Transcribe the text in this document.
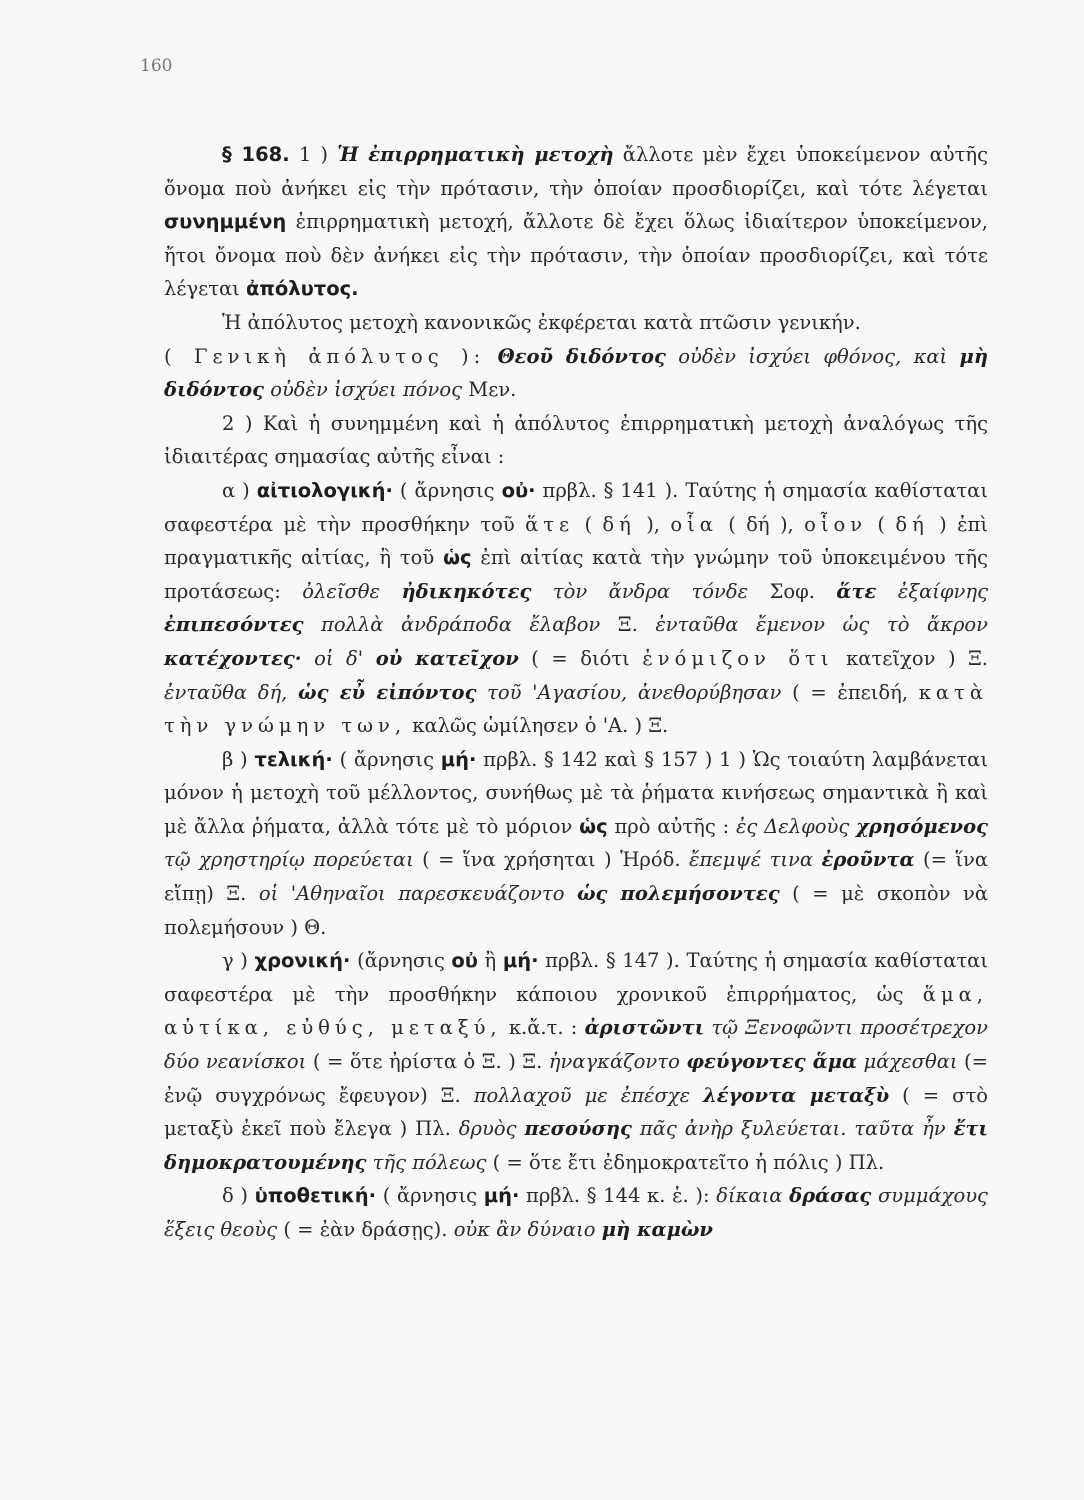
160

§ 168. 1 ) Ἡ ἐπιρρηματικὴ μετοχὴ ἄλλοτε μὲν ἔχει ὑποκείμενον αὐτῆς ὄνομα ποὺ ἀνήκει εἰς τὴν πρότασιν, τὴν ὁποίαν προσδιορίζει, καὶ τότε λέγεται συνημμένη ἐπιρρηματικὴ μετοχή, ἄλλοτε δὲ ἔχει ὅλως ἰδιαίτερον ὑποκείμενον, ἤτοι ὄνομα ποὺ δὲν ἀνήκει εἰς τὴν πρότασιν, τὴν ὁποίαν προσδιορίζει, καὶ τότε λέγεται ἀπόλυτος.

Ἡ ἀπόλυτος μετοχὴ κανονικῶς ἐκφέρεται κατὰ πτῶσιν γενικήν.

( Γενικὴ ἀπόλυτος ): Θεοῦ διδόντος οὐδὲν ἰσχύει φθόνος, καὶ μὴ διδόντος οὐδὲν ἰσχύει πόνος Μεν.

2 ) Καὶ ἡ συνημμένη καὶ ἡ ἀπόλυτος ἐπιρρηματικὴ μετοχὴ ἀναλόγως τῆς ἰδιαιτέρας σημασίας αὐτῆς εἶναι :

α ) αἰτιολογική· ( ἄρνησις οὐ· πρβλ. § 141 ). Ταύτης ἡ σημασία καθίσταται σαφεστέρα μὲ τὴν προσθήκην τοῦ ἅτε ( δή ), οἷα ( δή ), οἷον ( δή ) ἐπὶ πραγματικῆς αἰτίας, ἢ τοῦ ὡς ἐπὶ αἰτίας κατὰ τὴν γνώμην τοῦ ὑποκειμένου τῆς προτάσεως: ὀλεῖσθε ἠδικηκότες τὸν ἄνδρα τόνδε Σοφ. ἅτε ἐξαίφνης ἐπιπεσόντες πολλὰ ἀνδράποδα ἔλαβον Ξ. ἐνταῦθα ἔμενον ὡς τὸ ἄκρον κατέχοντες· οἱ δ' οὐ κατεῖχον ( = διότι ἐνόμιζον ὅτι κατεῖχον ) Ξ. ἐνταῦθα δή, ὡς εὖ εἰπόντος τοῦ 'Αγασίου, ἀνεθορύβησαν ( = ἐπειδή, κατὰ τὴν γνώμην των, καλῶς ὡμίλησεν ὁ 'Α. ) Ξ.

β ) τελική· ( ἄρνησις μή· πρβλ. § 142 καὶ § 157 ) 1 ) Ὡς τοιαύτη λαμβάνεται μόνον ἡ μετοχὴ τοῦ μέλλοντος, συνήθως μὲ τὰ ῥήματα κινήσεως σημαντικὰ ἢ καὶ μὲ ἄλλα ῥήματα, ἀλλὰ τότε μὲ τὸ μόριον ὡς πρὸ αὐτῆς : ἐς Δελφοὺς χρησόμενος τῷ χρηστηρίῳ πορεύεται ( = ἵνα χρήσηται ) Ἡρόδ. ἔπεμψέ τινα ἐροῦντα (= ἵνα εἴπῃ) Ξ. οἱ 'Αθηναῖοι παρεσκευάζοντο ὡς πολεμήσοντες ( = μὲ σκοπὸν νὰ πολεμήσουν ) Θ.

γ ) χρονική· (ἄρνησις οὐ ἢ μή· πρβλ. § 147 ). Ταύτης ἡ σημασία καθίσταται σαφεστέρα μὲ τὴν προσθήκην κάποιου χρονικοῦ ἐπιρρήματος, ὡς ἅμα, αὐτίκα, εὐθύς, μεταξύ, κ.ἄ.τ. : ἀριστῶντι τῷ Ξενοφῶντι προσέτρεχον δύο νεανίσκοι ( = ὅτε ἠρίστα ὁ Ξ. ) Ξ. ἠναγκάζοντο φεύγοντες ἅμα μάχεσθαι (= ἐνῷ συγχρόνως ἔφευγον) Ξ. πολλαχοῦ με ἐπέσχε λέγοντα μεταξὺ ( = στὸ μεταξὺ ἐκεῖ ποὺ ἔλεγα ) Πλ. δρυὸς πεσούσης πᾶς ἀνὴρ ξυλεύεται. ταῦτα ἦν ἔτι δημοκρατουμένης τῆς πόλεως ( = ὅτε ἔτι ἐδημοκρατεῖτο ἡ πόλις ) Πλ.

δ ) ὑποθετική· ( ἄρνησις μή· πρβλ. § 144 κ. ἑ. ): δίκαια δράσας συμμάχους ἕξεις θεοὺς ( = ἐὰν δράσῃς). οὐκ ἂν δύναιο μὴ καμὼν
